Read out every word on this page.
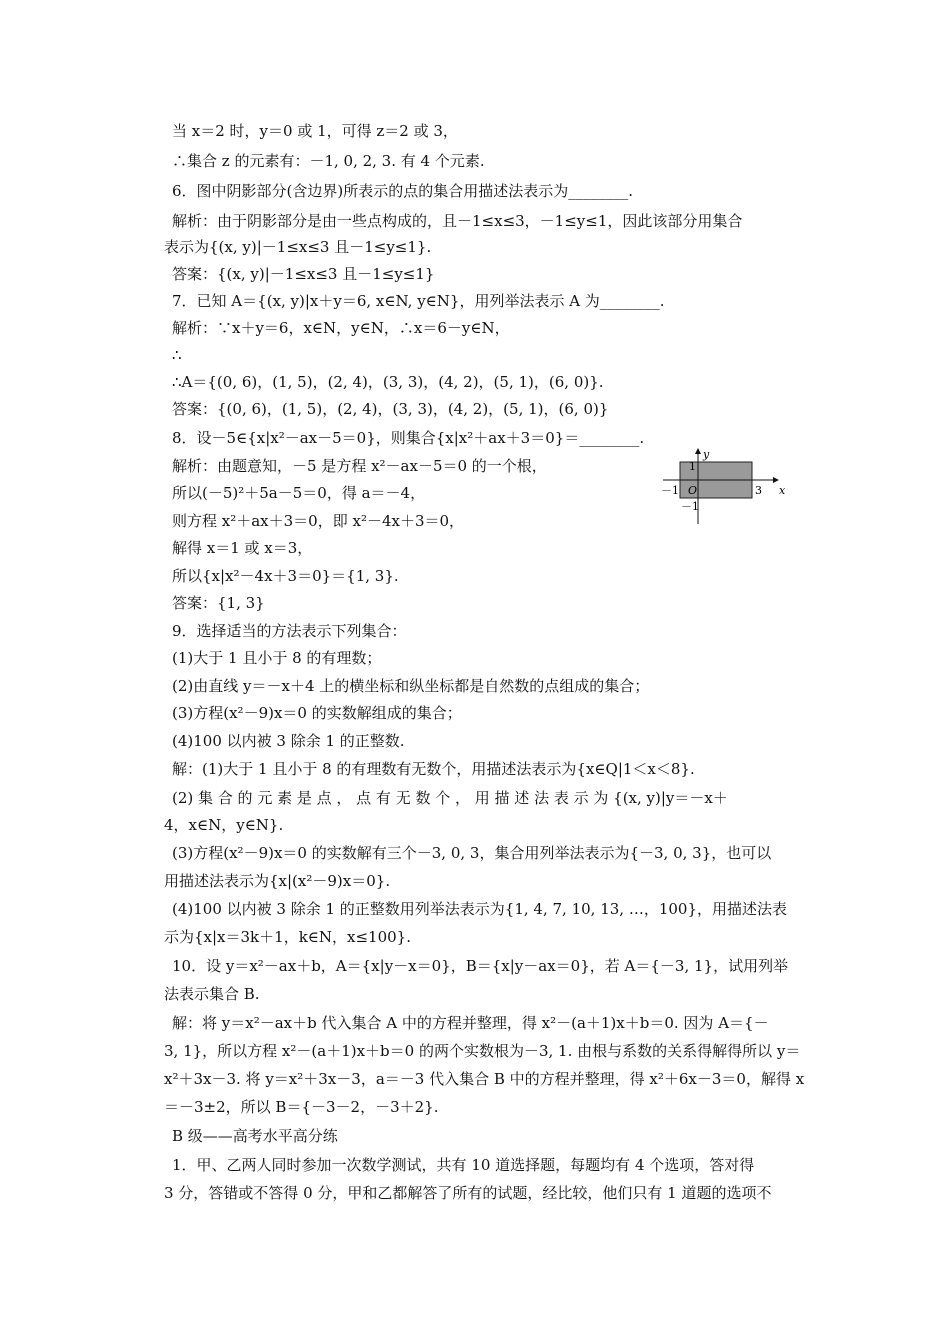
当 x＝2 时，y＝0 或 1，可得 z＝2 或 3，
∴集合 z 的元素有：－1, 0, 2, 3. 有 4 个元素.
6．图中阴影部分(含边界)所表示的点的集合用描述法表示为________.
解析：由于阴影部分是由一些点构成的，且－1≤x≤3，－1≤y≤1，因此该部分用集合
表示为{(x, y)|－1≤x≤3 且－1≤y≤1}.
答案：{(x, y)|－1≤x≤3 且－1≤y≤1}
7．已知 A＝{(x, y)|x＋y＝6, x∈N, y∈N}，用列举法表示 A 为________.
解析：∵x＋y＝6，x∈N，y∈N，∴x＝6－y∈N，
∴
∴A＝{(0, 6)，(1, 5)，(2, 4)，(3, 3)，(4, 2)，(5, 1)，(6, 0)}.
答案：{(0, 6)，(1, 5)，(2, 4)，(3, 3)，(4, 2)，(5, 1)，(6, 0)}
8．设－5∈{x|x²－ax－5＝0}，则集合{x|x²＋ax＋3＝0}＝________.
解析：由题意知，－5 是方程 x²－ax－5＝0 的一个根，
所以(－5)²＋5a－5＝0，得 a＝－4，
则方程 x²＋ax＋3＝0，即 x²－4x＋3＝0，
解得 x＝1 或 x＝3，
所以{x|x²－4x＋3＝0}＝{1, 3}.
答案：{1, 3}
9．选择适当的方法表示下列集合：
(1)大于 1 且小于 8 的有理数；
(2)由直线 y＝－x＋4 上的横坐标和纵坐标都是自然数的点组成的集合；
(3)方程(x²－9)x＝0 的实数解组成的集合；
(4)100 以内被 3 除余 1 的正整数.
解：(1)大于 1 且小于 8 的有理数有无数个，用描述法表示为{x∈Q|1＜x＜8}.
(2) 集 合 的 元 素 是 点 ， 点 有 无 数 个 ， 用 描 述 法 表 示 为 {(x, y)|y＝－x＋
4，x∈N，y∈N}.
(3)方程(x²－9)x＝0 的实数解有三个－3, 0, 3，集合用列举法表示为{－3, 0, 3}，也可以
用描述法表示为{x|(x²－9)x＝0}.
(4)100 以内被 3 除余 1 的正整数用列举法表示为{1, 4, 7, 10, 13, …，100}，用描述法表
示为{x|x＝3k＋1，k∈N，x≤100}.
10．设 y＝x²－ax＋b，A＝{x|y－x＝0}，B＝{x|y－ax＝0}，若 A＝{－3, 1}，试用列举
法表示集合 B.
解：将 y＝x²－ax＋b 代入集合 A 中的方程并整理，得 x²－(a＋1)x＋b＝0. 因为 A＝{－
3, 1}，所以方程 x²－(a＋1)x＋b＝0 的两个实数根为－3, 1. 由根与系数的关系得解得所以 y＝
x²＋3x－3. 将 y＝x²＋3x－3，a＝－3 代入集合 B 中的方程并整理，得 x²＋6x－3＝0，解得 x
＝－3±2，所以 B＝{－3－2，－3＋2}.
B 级——高考水平高分练
1．甲、乙两人同时参加一次数学测试，共有 10 道选择题，每题均有 4 个选项，答对得
3 分，答错或不答得 0 分，甲和乙都解答了所有的试题，经比较，他们只有 1 道题的选项不
x
y
O
1
－1
－1	3
